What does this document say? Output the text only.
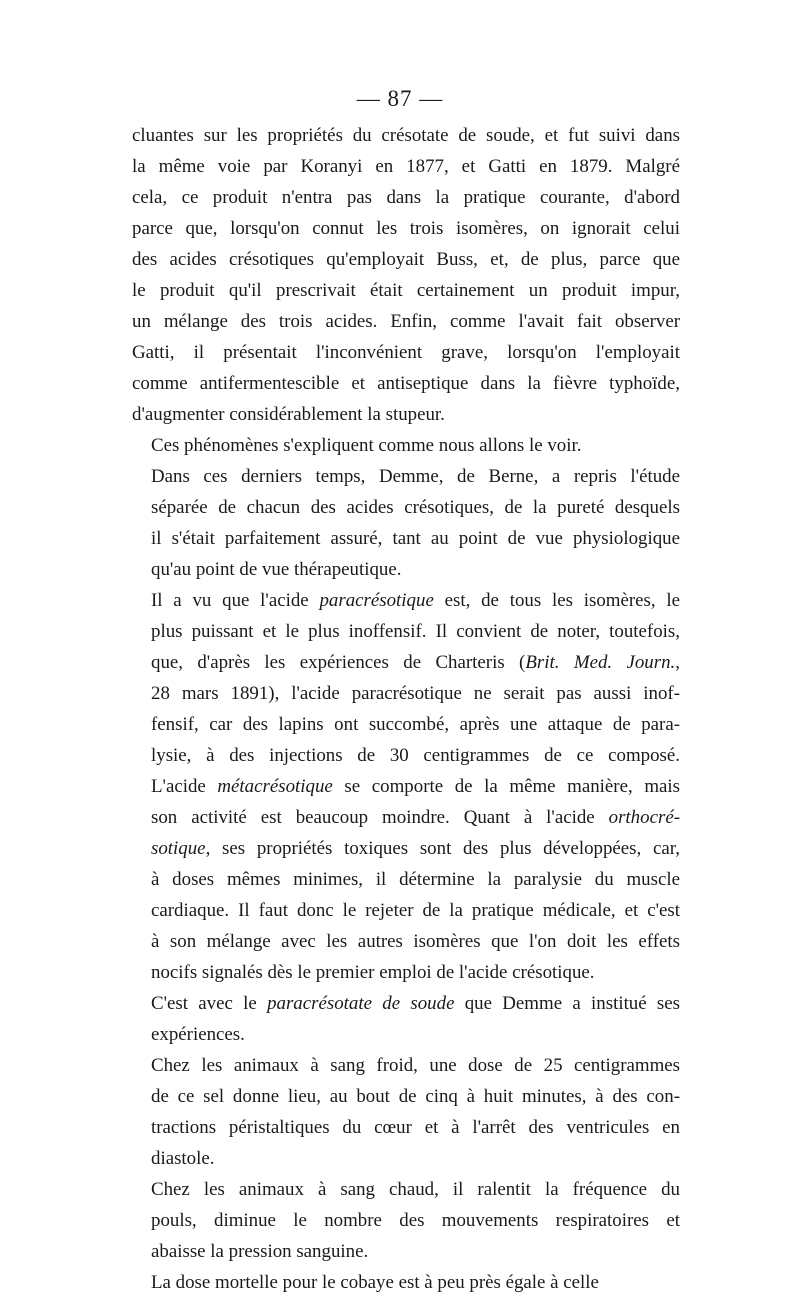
— 87 —
cluantes sur les propriétés du crésotate de soude, et fut suivi dans
la même voie par Koranyi en 1877, et Gatti en 1879. Malgré
cela, ce produit n'entra pas dans la pratique courante, d'abord
parce que, lorsqu'on connut les trois isomères, on ignorait celui
des acides crésotiques qu'employait Buss, et, de plus, parce que
le produit qu'il prescrivait était certainement un produit impur,
un mélange des trois acides. Enfin, comme l'avait fait observer
Gatti, il présentait l'inconvénient grave, lorsqu'on l'employait
comme antifermentescible et antiseptique dans la fièvre typhoïde,
d'augmenter considérablement la stupeur.
Ces phénomènes s'expliquent comme nous allons le voir.
Dans ces derniers temps, Demme, de Berne, a repris l'étude
séparée de chacun des acides crésotiques, de la pureté desquels
il s'était parfaitement assuré, tant au point de vue physiologique
qu'au point de vue thérapeutique.
Il a vu que l'acide paracrésotique est, de tous les isomères, le
plus puissant et le plus inoffensif. Il convient de noter, toutefois,
que, d'après les expériences de Charteris (Brit. Med. Journ.,
28 mars 1891), l'acide paracrésotique ne serait pas aussi inof-
fensif, car des lapins ont succombé, après une attaque de para-
lysie, à des injections de 30 centigrammes de ce composé.
L'acide métacrésotique se comporte de la même manière, mais
son activité est beaucoup moindre. Quant à l'acide orthocré-
sotique, ses propriétés toxiques sont des plus développées, car,
à doses mêmes minimes, il détermine la paralysie du muscle
cardiaque. Il faut donc le rejeter de la pratique médicale, et c'est
à son mélange avec les autres isomères que l'on doit les effets
nocifs signalés dès le premier emploi de l'acide crésotique.
C'est avec le paracrésotate de soude que Demme a institué ses
expériences.
Chez les animaux à sang froid, une dose de 25 centigrammes
de ce sel donne lieu, au bout de cinq à huit minutes, à des con-
tractions péristaltiques du cœur et à l'arrêt des ventricules en
diastole.
Chez les animaux à sang chaud, il ralentit la fréquence du
pouls, diminue le nombre des mouvements respiratoires et
abaisse la pression sanguine.
La dose mortelle pour le cobaye est à peu près égale à celle
